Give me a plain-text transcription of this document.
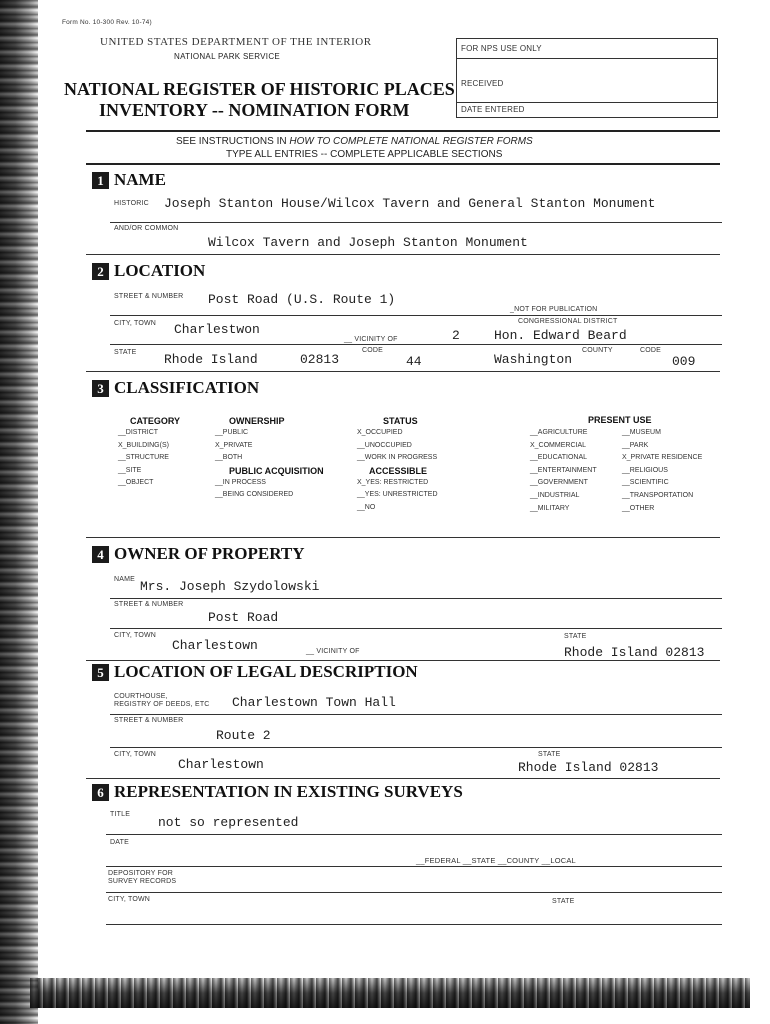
Form No. 10-300 Rev. 10-74)
UNITED STATES DEPARTMENT OF THE INTERIOR
NATIONAL PARK SERVICE
NATIONAL REGISTER OF HISTORIC PLACES
INVENTORY -- NOMINATION FORM
FOR NPS USE ONLY
RECEIVED
DATE ENTERED
SEE INSTRUCTIONS IN HOW TO COMPLETE NATIONAL REGISTER FORMS
TYPE ALL ENTRIES -- COMPLETE APPLICABLE SECTIONS
1 NAME
HISTORIC Joseph Stanton House/Wilcox Tavern and General Stanton Monument
AND/OR COMMON
Wilcox Tavern and Joseph Stanton Monument
2 LOCATION
STREET & NUMBER Post Road (U.S. Route 1)
_NOT FOR PUBLICATION
CITY, TOWN Charlestwon
__ VICINITY OF
CONGRESSIONAL DISTRICT
2	Hon. Edward Beard
STATE Rhode Island	02813
CODE
44
COUNTY
Washington
CODE
009
3 CLASSIFICATION
CATEGORY
__DISTRICT
X_BUILDING(S)
__STRUCTURE
__SITE
__OBJECT
OWNERSHIP
__PUBLIC
X_PRIVATE
__BOTH
PUBLIC ACQUISITION
__IN PROCESS
__BEING CONSIDERED
STATUS
X_OCCUPIED
__UNOCCUPIED
__WORK IN PROGRESS
ACCESSIBLE
X_YES: RESTRICTED
__YES: UNRESTRICTED
__NO
PRESENT USE
__AGRICULTURE
X_COMMERCIAL
__EDUCATIONAL
__ENTERTAINMENT
__GOVERNMENT
__INDUSTRIAL
__MILITARY
__MUSEUM
__PARK
X_PRIVATE RESIDENCE
__RELIGIOUS
__SCIENTIFIC
__TRANSPORTATION
__OTHER
4 OWNER OF PROPERTY
NAME Mrs. Joseph Szydolowski
STREET & NUMBER
Post Road
CITY, TOWN
Charlestown	__ VICINITY OF
STATE
Rhode Island 02813
5 LOCATION OF LEGAL DESCRIPTION
COURTHOUSE,
REGISTRY OF DEEDS, ETC Charlestown Town Hall
STREET & NUMBER
Route 2
CITY, TOWN
Charlestown
STATE
Rhode Island 02813
6 REPRESENTATION IN EXISTING SURVEYS
TITLE
not so represented
DATE
__FEDERAL __STATE __COUNTY __LOCAL
DEPOSITORY FOR
SURVEY RECORDS
CITY, TOWN	STATE
